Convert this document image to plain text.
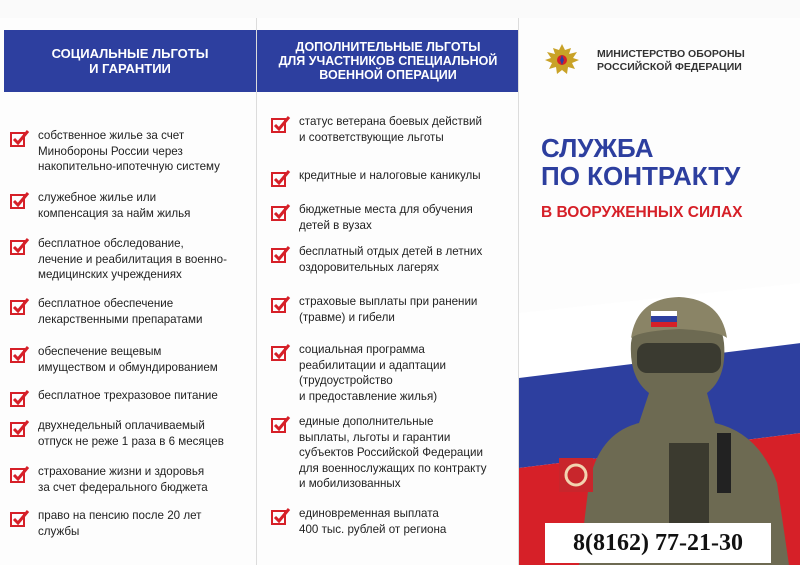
СОЦИАЛЬНЫЕ ЛЬГОТЫ
И ГАРАНТИИ
собственное жилье за счет
Минобороны России через
накопительно-ипотечную систему
служебное жилье или
компенсация за найм жилья
бесплатное обследование,
лечение и реабилитация в военно-
медицинских учреждениях
бесплатное обеспечение
лекарственными препаратами
обеспечение вещевым
имуществом и обмундированием
бесплатное трехразовое питание
двухнедельный оплачиваемый
отпуск не реже 1 раза в 6 месяцев
страхование жизни и здоровья
за счет федерального бюджета
право на пенсию после 20 лет
службы
ДОПОЛНИТЕЛЬНЫЕ ЛЬГОТЫ
ДЛЯ УЧАСТНИКОВ СПЕЦИАЛЬНОЙ
ВОЕННОЙ ОПЕРАЦИИ
статус ветерана боевых действий
и соответствующие льготы
кредитные и налоговые каникулы
бюджетные места для обучения
детей в вузах
бесплатный отдых детей в летних
оздоровительных лагерях
страховые выплаты при ранении
(травме) и гибели
социальная программа
реабилитации и адаптации
(трудоустройство
и предоставление жилья)
единые дополнительные
выплаты, льготы и гарантии
субъектов Российской Федерации
для военнослужащих по контракту
и мобилизованных
единовременная выплата
400 тыс. рублей от региона
МИНИСТЕРСТВО ОБОРОНЫ
РОССИЙСКОЙ ФЕДЕРАЦИИ
СЛУЖБА
ПО КОНТРАКТУ
В ВООРУЖЕННЫХ СИЛАХ
8(8162) 77-21-30
